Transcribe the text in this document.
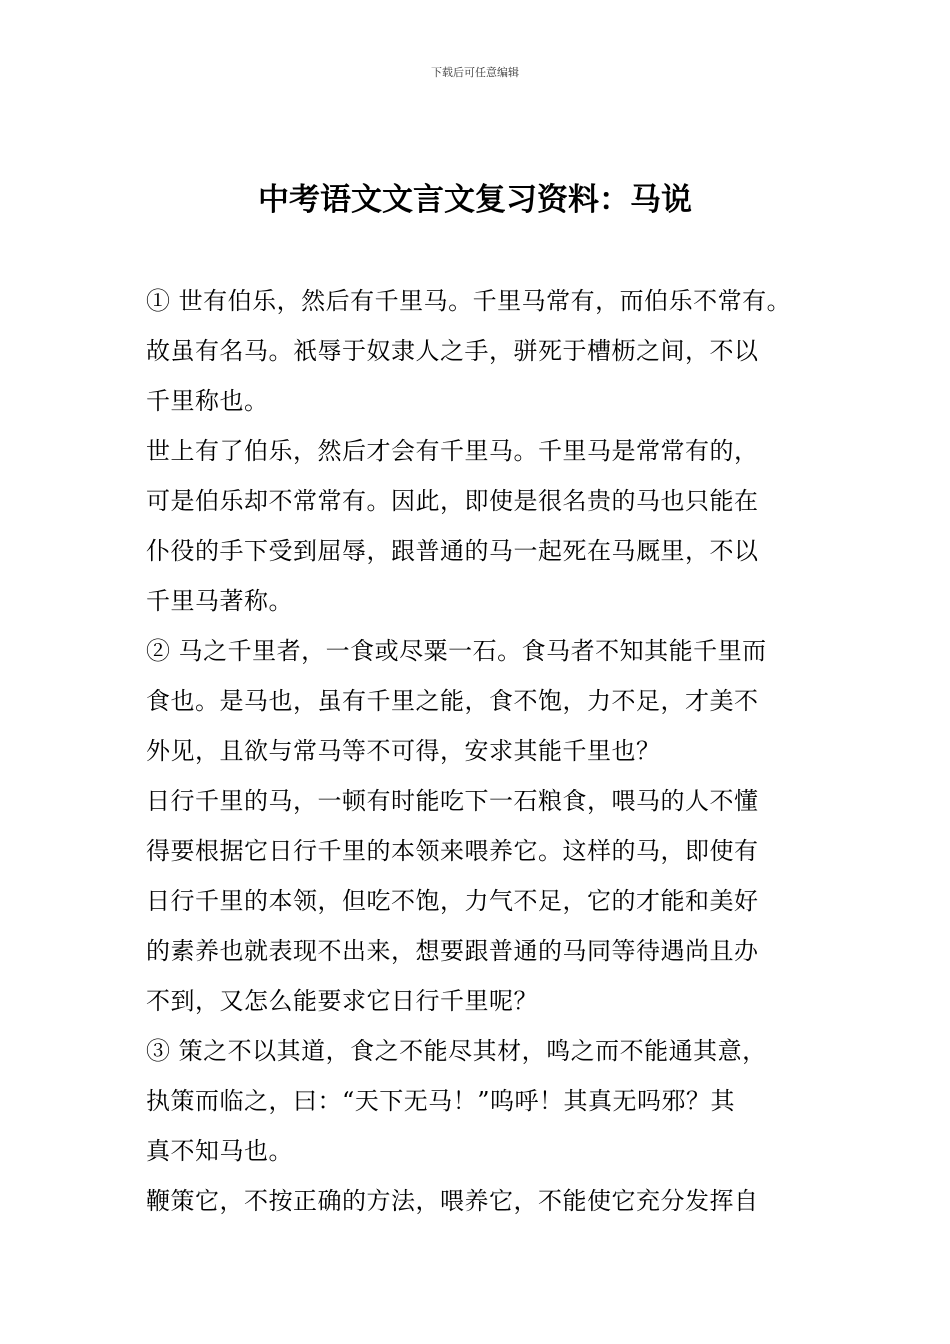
下载后可任意编辑
中考语文文言文复习资料：马说
① 世有伯乐，然后有千里马。千里马常有，而伯乐不常有。
故虽有名马。祇辱于奴隶人之手，骈死于槽枥之间，不以
千里称也。
世上有了伯乐，然后才会有千里马。千里马是常常有的，
可是伯乐却不常常有。因此，即使是很名贵的马也只能在
仆役的手下受到屈辱，跟普通的马一起死在马厩里，不以
千里马著称。
② 马之千里者，一食或尽粟一石。食马者不知其能千里而
食也。是马也，虽有千里之能，食不饱，力不足，才美不
外见，且欲与常马等不可得，安求其能千里也？
日行千里的马，一顿有时能吃下一石粮食，喂马的人不懂
得要根据它日行千里的本领来喂养它。这样的马，即使有
日行千里的本领，但吃不饱，力气不足，它的才能和美好
的素养也就表现不出来，想要跟普通的马同等待遇尚且办
不到，又怎么能要求它日行千里呢？
③ 策之不以其道，食之不能尽其材，鸣之而不能通其意，
执策而临之，曰：“天下无马！”呜呼！其真无吗邪？其
真不知马也。
鞭策它，不按正确的方法，喂养它，不能使它充分发挥自
